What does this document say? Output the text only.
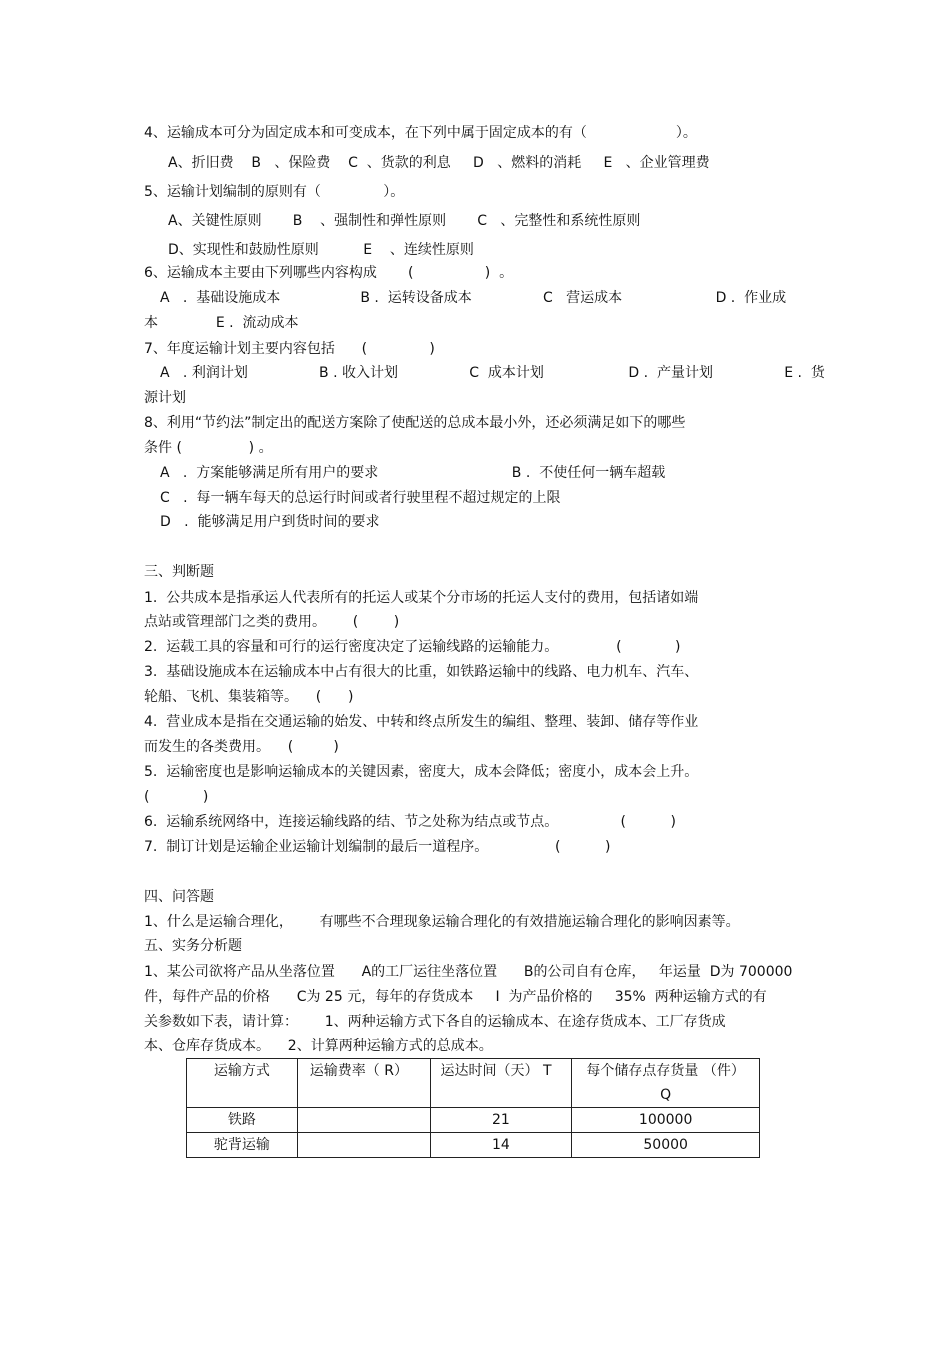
4、运输成本可分为固定成本和可变成本，在下列中属于固定成本的有（                    ）。
A、折旧费    B   、保险费    C  、货款的利息     D   、燃料的消耗     E   、企业管理费
5、运输计划编制的原则有（              ）。
A、关键性原则       B    、强制性和弹性原则       C   、完整性和系统性原则
D、实现性和鼓励性原则          E    、连续性原则
6、运输成本主要由下列哪些内容构成       (                )  。
A   .  基础设施成本                  B .  运转设备成本                C   营运成本                     D .  作业成
本             E .  流动成本
7、年度运输计划主要内容包括      (              )
A   . 利润计划                B . 收入计划                C  成本计划                   D .  产量计划                E .  货
源计划
8、利用“节约法”制定出的配送方案除了使配送的总成本最小外，还必须满足如下的哪些
条件 (               ) 。
A   .  方案能够满足所有用户的要求                              B .  不使任何一辆车超载
C   .  每一辆车每天的总运行时间或者行驶里程不超过规定的上限
D   .  能够满足用户到货时间的要求
三、判断题
1.  公共成本是指承运人代表所有的托运人或某个分市场的托运人支付的费用，包括诸如端
点站或管理部门之类的费用。      (        )
2.  运载工具的容量和可行的运行密度决定了运输线路的运输能力。             (            )
3.  基础设施成本在运输成本中占有很大的比重，如铁路运输中的线路、电力机车、汽车、
轮船、飞机、集装箱等。    (      )
4.  营业成本是指在交通运输的始发、中转和终点所发生的编组、整理、装卸、储存等作业
而发生的各类费用。    (         )
5.  运输密度也是影响运输成本的关键因素，密度大，成本会降低；密度小，成本会上升。
(            )
6.  运输系统网络中，连接运输线路的结、节之处称为结点或节点。              (          )
7.  制订计划是运输企业运输计划编制的最后一道程序。               (          )
四、问答题
1、什么是运输合理化，      有哪些不合理现象运输合理化的有效措施运输合理化的影响因素等。
五、实务分析题
1、某公司欲将产品从坐落位置      A的工厂运往坐落位置      B的公司自有仓库，   年运量  D为 700000
件，每件产品的价格      C为 25 元，每年的存货成本     I  为产品价格的     35%  两种运输方式的有
关参数如下表，请计算：      1、两种运输方式下各自的运输成本、在途存货成本、工厂存货成
本、仓库存货成本。    2、计算两种运输方式的总成本。
运输方式	运输费率（ R）	运达时间（天） T	每个储存点存货量 （件）
Q
铁路		21	100000
驼背运输		14	50000
